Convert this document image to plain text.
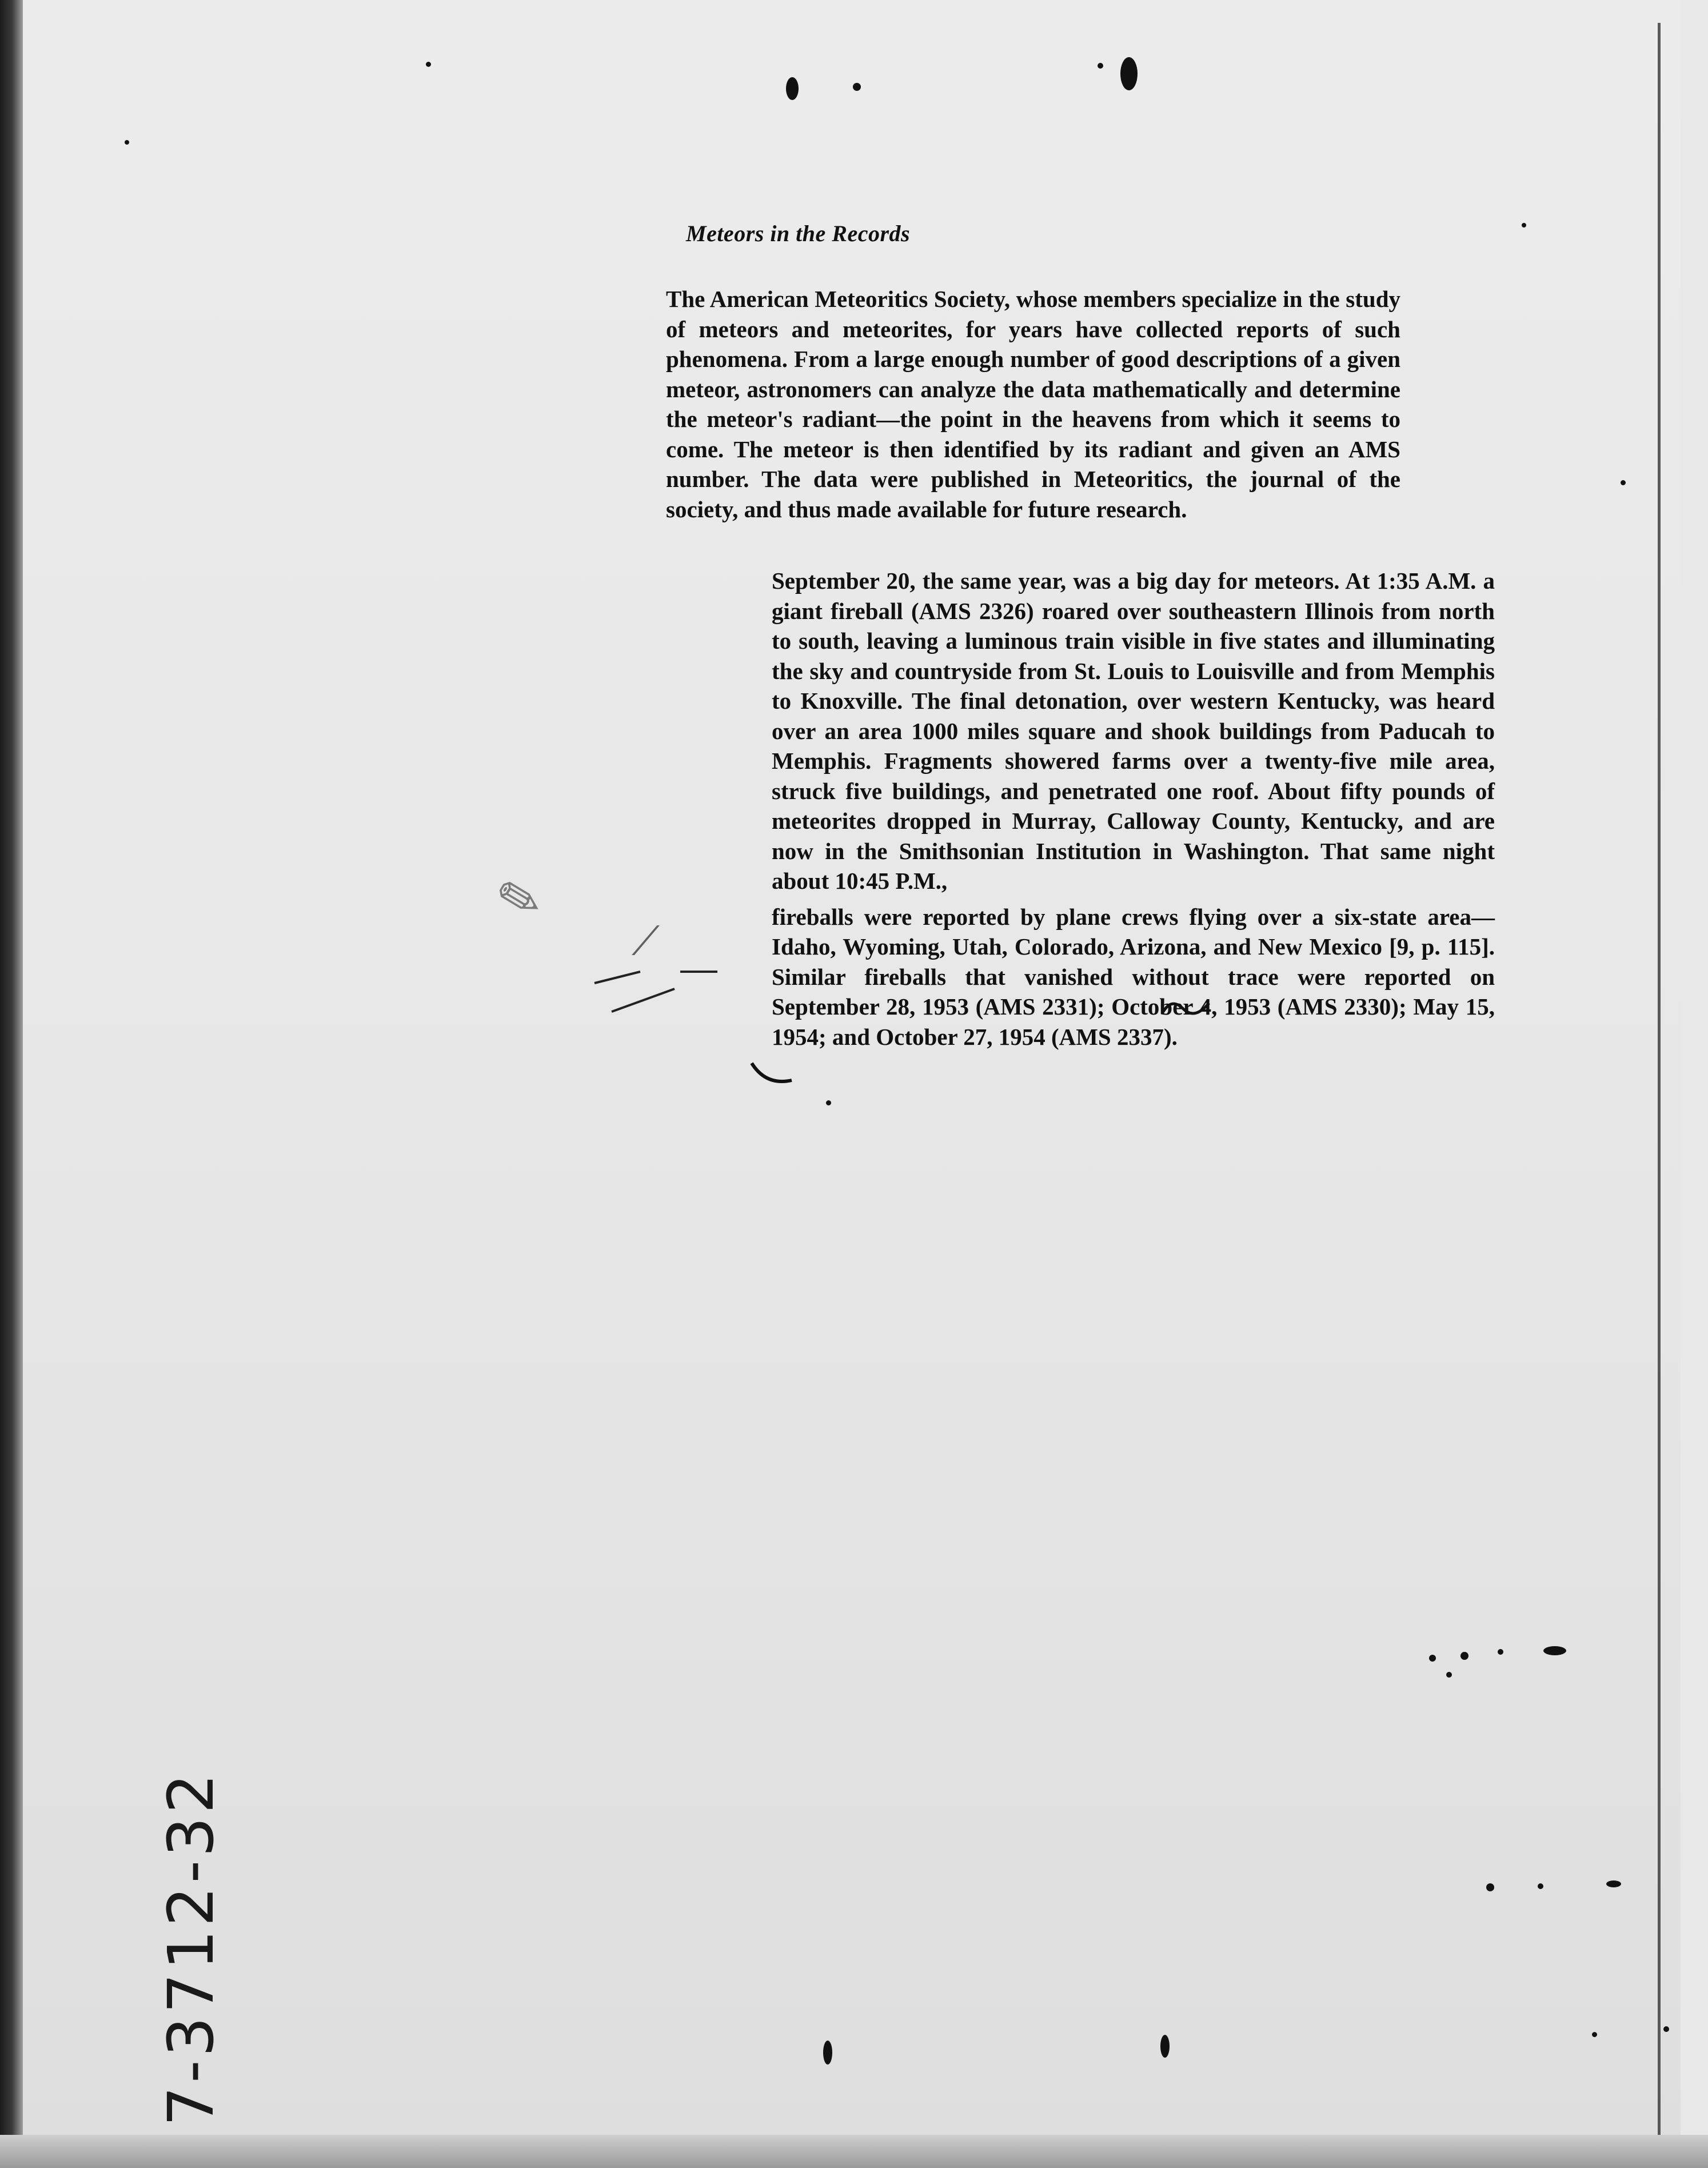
Meteors in the Records

The American Meteoritics Society, whose members specialize in the study of meteors and meteorites, for years have collected reports of such phenomena. From a large enough number of good descriptions of a given meteor, astronomers can analyze the data mathematically and determine the meteor's radiant—the point in the heavens from which it seems to come. The meteor is then identified by its radiant and given an AMS number. The data were published in Meteoritics, the journal of the society, and thus made available for future research.

September 20, the same year, was a big day for meteors. At 1:35 A.M. a giant fireball (AMS 2326) roared over southeastern Illinois from north to south, leaving a luminous train visible in five states and illuminating the sky and countryside from St. Louis to Louisville and from Memphis to Knoxville. The final detonation, over western Kentucky, was heard over an area 1000 miles square and shook buildings from Paducah to Memphis. Fragments showered farms over a twenty-five mile area, struck five buildings, and penetrated one roof. About fifty pounds of meteorites dropped in Murray, Calloway County, Kentucky, and are now in the Smithsonian Institution in Washington. That same night about 10:45 P.M.,
fireballs were reported by plane crews flying over a six-state area—Idaho, Wyoming, Utah, Colorado, Arizona, and New Mexico [9, p. 115]. Similar fireballs that vanished without trace were reported on September 28, 1953 (AMS 2331); October 4, 1953 (AMS 2330); May 15, 1954; and October 27, 1954 (AMS 2337).
✎
⟋
7-3712-32
